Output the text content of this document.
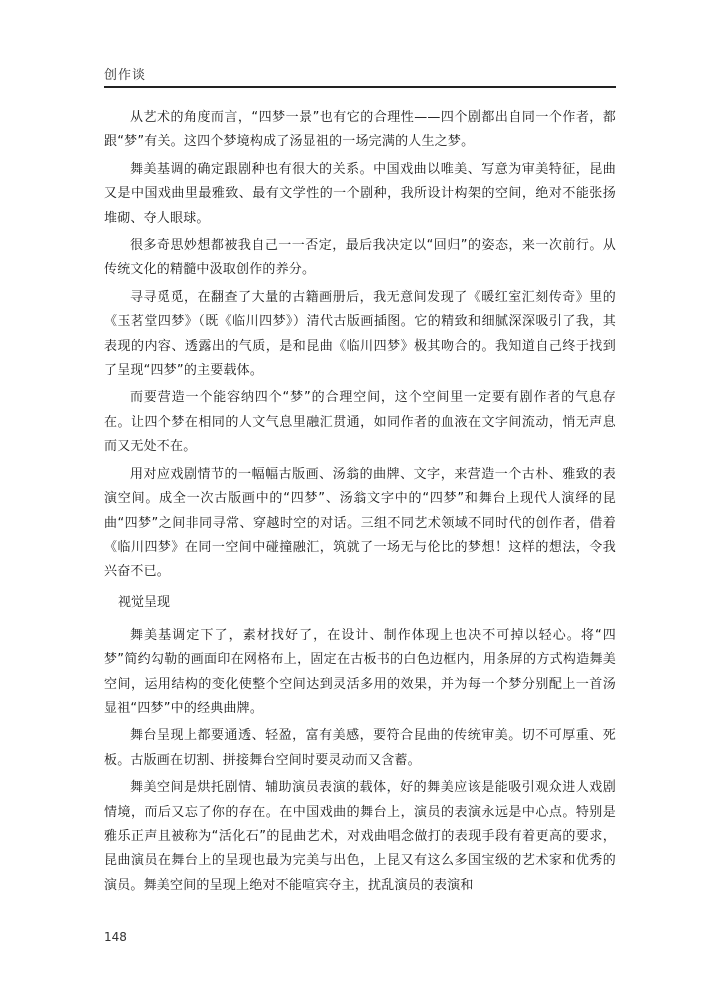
创作谈

从艺术的角度而言，“四梦一景”也有它的合理性——四个剧都出自同一个作者，都跟“梦”有关。这四个梦境构成了汤显祖的一场完满的人生之梦。

舞美基调的确定跟剧种也有很大的关系。中国戏曲以唯美、写意为审美特征，昆曲又是中国戏曲里最雅致、最有文学性的一个剧种，我所设计构架的空间，绝对不能张扬堆砌、夺人眼球。

很多奇思妙想都被我自己一一否定，最后我决定以“回归”的姿态，来一次前行。从传统文化的精髓中汲取创作的养分。

寻寻觅觅，在翻查了大量的古籍画册后，我无意间发现了《暖红室汇刻传奇》里的《玉茗堂四梦》（既《临川四梦》）清代古版画插图。它的精致和细腻深深吸引了我，其表现的内容、透露出的气质，是和昆曲《临川四梦》极其吻合的。我知道自己终于找到了呈现“四梦”的主要载体。

而要营造一个能容纳四个“梦”的合理空间，这个空间里一定要有剧作者的气息存在。让四个梦在相同的人文气息里融汇贯通，如同作者的血液在文字间流动，悄无声息而又无处不在。

用对应戏剧情节的一幅幅古版画、汤翁的曲牌、文字，来营造一个古朴、雅致的表演空间。成全一次古版画中的“四梦”、汤翁文字中的“四梦”和舞台上现代人演绎的昆曲“四梦”之间非同寻常、穿越时空的对话。三组不同艺术领域不同时代的创作者，借着《临川四梦》在同一空间中碰撞融汇，筑就了一场无与伦比的梦想！这样的想法，令我兴奋不已。

视觉呈现

舞美基调定下了，素材找好了，在设计、制作体现上也决不可掉以轻心。将“四梦”简约勾勒的画面印在网格布上，固定在古板书的白色边框内，用条屏的方式构造舞美空间，运用结构的变化使整个空间达到灵活多用的效果，并为每一个梦分别配上一首汤显祖“四梦”中的经典曲牌。

舞台呈现上都要通透、轻盈，富有美感，要符合昆曲的传统审美。切不可厚重、死板。古版画在切割、拼接舞台空间时要灵动而又含蓄。

舞美空间是烘托剧情、辅助演员表演的载体，好的舞美应该是能吸引观众进人戏剧情境，而后又忘了你的存在。在中国戏曲的舞台上，演员的表演永远是中心点。特别是雅乐正声且被称为“活化石”的昆曲艺术，对戏曲唱念做打的表现手段有着更高的要求，昆曲演员在舞台上的呈现也最为完美与出色，上昆又有这么多国宝级的艺术家和优秀的演员。舞美空间的呈现上绝对不能喧宾夺主，扰乱演员的表演和

148
